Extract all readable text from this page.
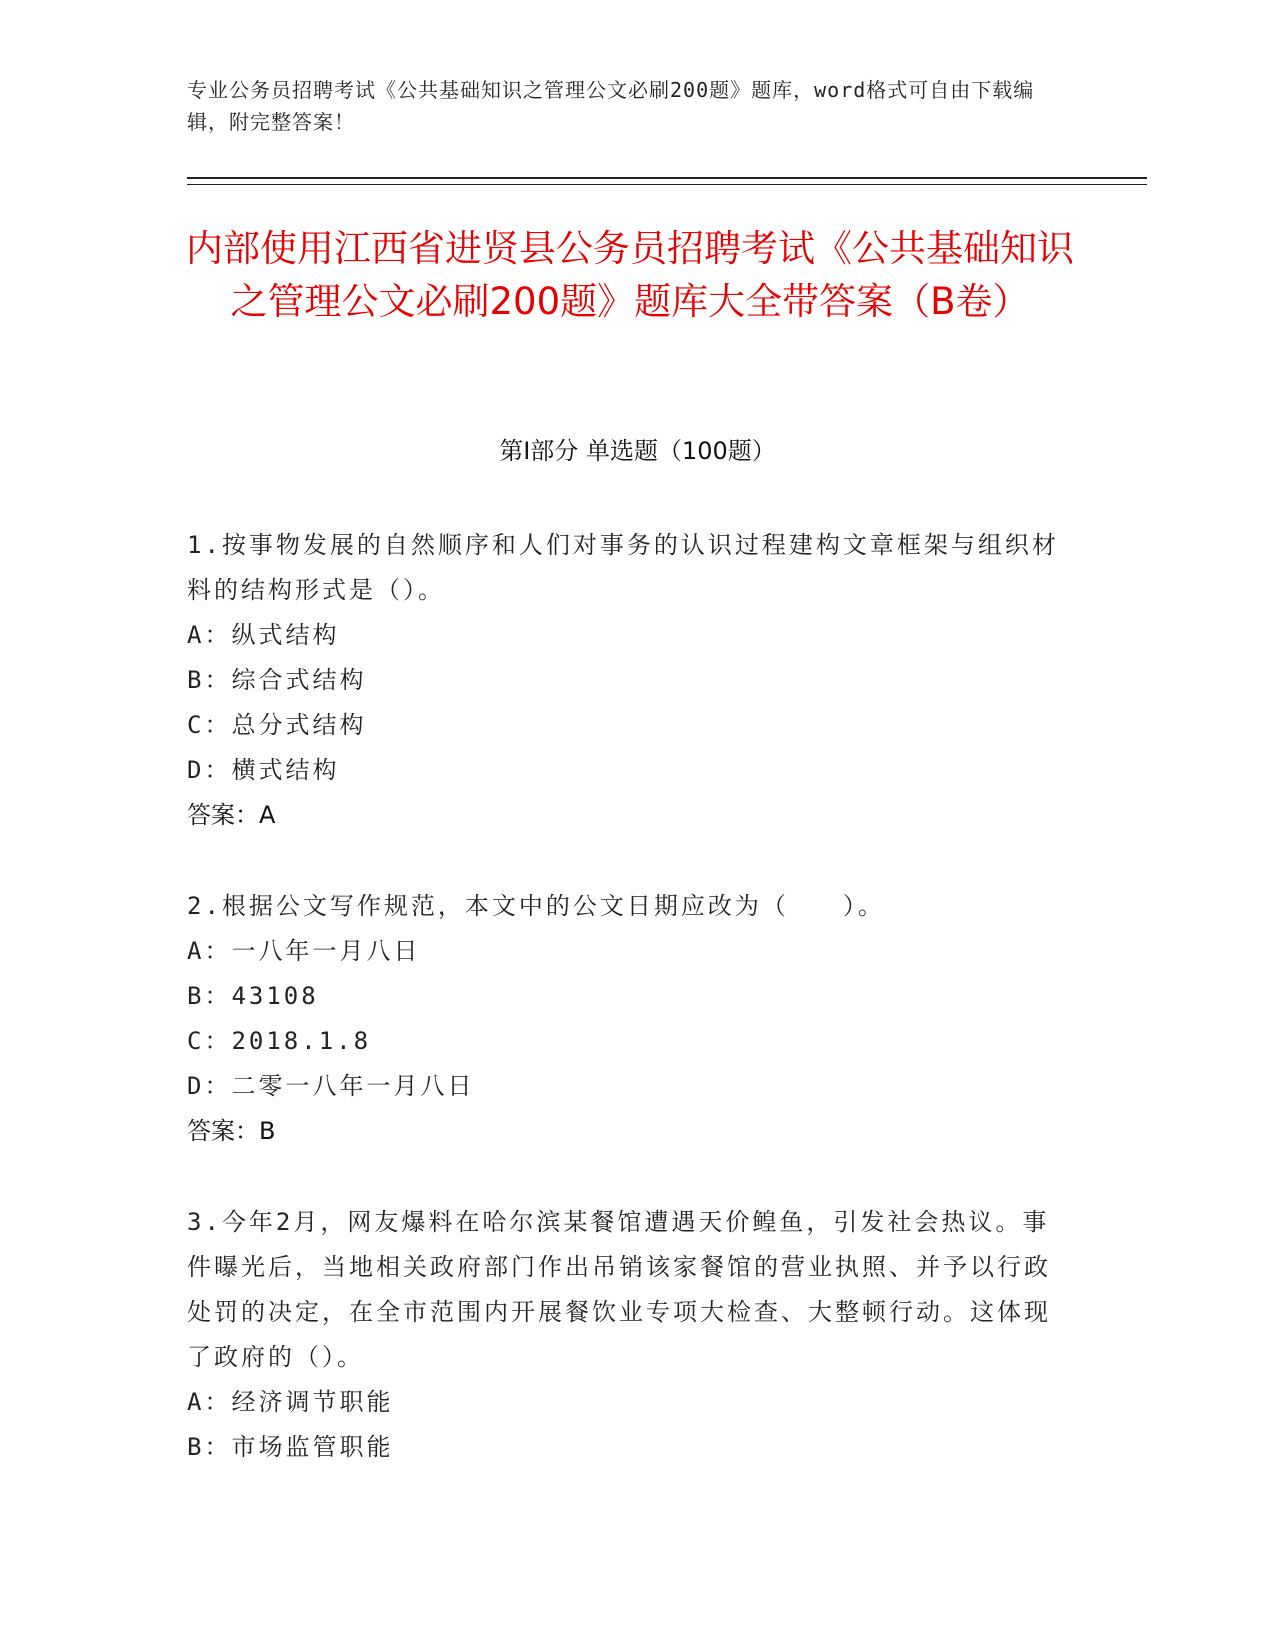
专业公务员招聘考试《公共基础知识之管理公文必刷200题》题库，word格式可自由下载编辑，附完整答案！
内部使用江西省进贤县公务员招聘考试《公共基础知识之管理公文必刷200题》题库大全带答案（B卷）
第I部分 单选题（100题）

1.按事物发展的自然顺序和人们对事务的认识过程建构文章框架与组织材料的结构形式是（）。

A：纵式结构

B：综合式结构

C：总分式结构

D：横式结构

答案：A

2.根据公文写作规范，本文中的公文日期应改为（　　）。

A：一八年一月八日

B：43108

C：2018.1.8

D：二零一八年一月八日

答案：B

3.今年2月，网友爆料在哈尔滨某餐馆遭遇天价鳇鱼，引发社会热议。事件曝光后，当地相关政府部门作出吊销该家餐馆的营业执照、并予以行政处罚的决定，在全市范围内开展餐饮业专项大检查、大整顿行动。这体现了政府的（）。

A：经济调节职能

B：市场监管职能
